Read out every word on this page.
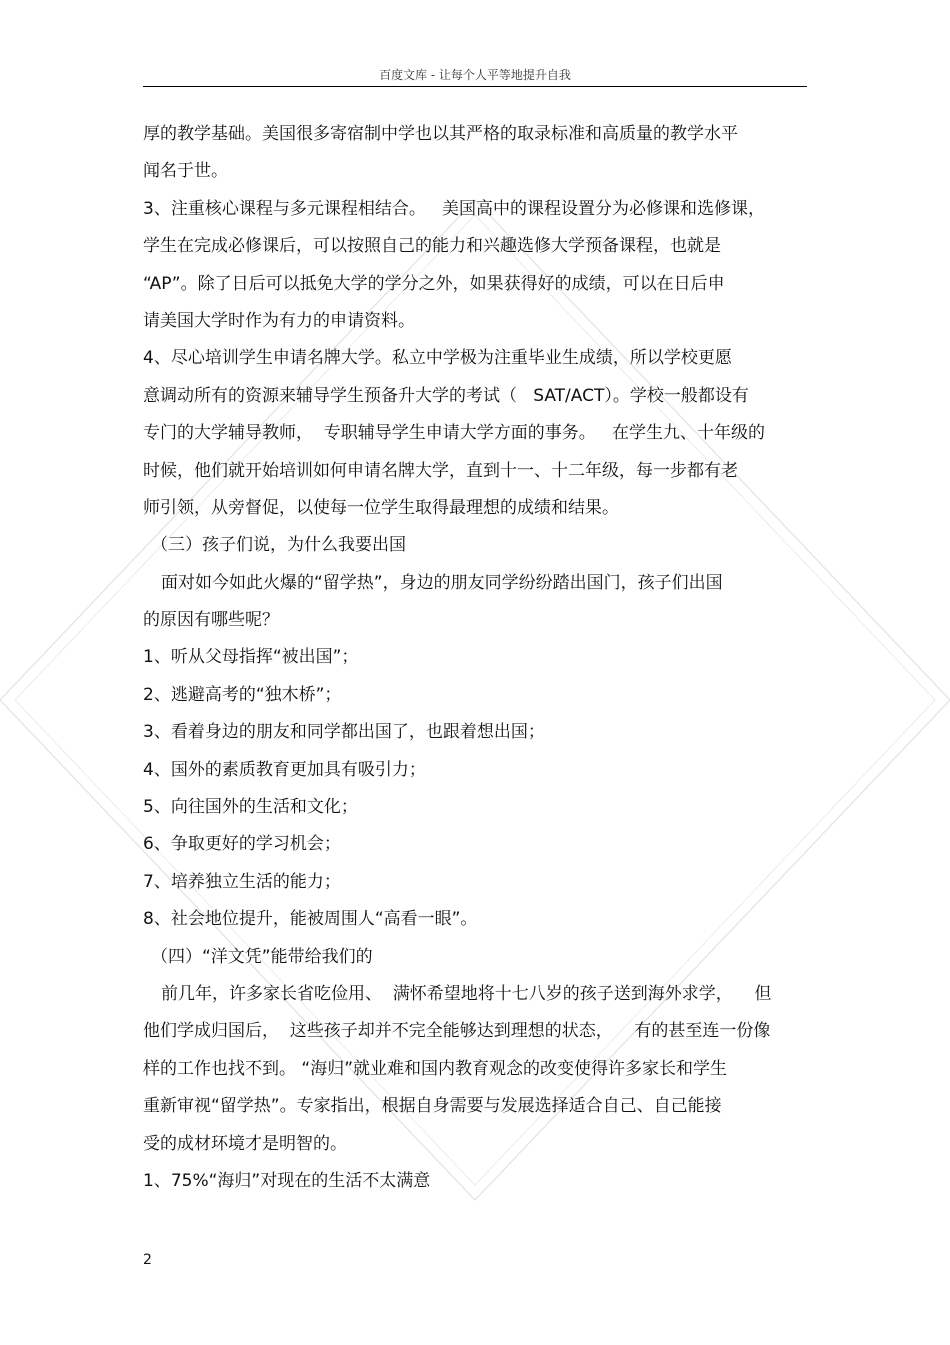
百度文库 - 让每个人平等地提升自我

厚的教学基础。美国很多寄宿制中学也以其严格的取录标准和高质量的教学水平

闻名于世。

3、注重核心课程与多元课程相结合。   美国高中的课程设置分为必修课和选修课，

学生在完成必修课后，可以按照自己的能力和兴趣选修大学预备课程，也就是

“AP”。除了日后可以抵免大学的学分之外，如果获得好的成绩，可以在日后申

请美国大学时作为有力的申请资料。

4、尽心培训学生申请名牌大学。私立中学极为注重毕业生成绩，所以学校更愿

意调动所有的资源来辅导学生预备升大学的考试（   SAT/ACT）。学校一般都设有

专门的大学辅导教师，  专职辅导学生申请大学方面的事务。   在学生九、十年级的

时候，他们就开始培训如何申请名牌大学，直到十一、十二年级，每一步都有老

师引领，从旁督促，以使每一位学生取得最理想的成绩和结果。

（三）孩子们说，为什么我要出国

面对如今如此火爆的“留学热”，身边的朋友同学纷纷踏出国门，孩子们出国

的原因有哪些呢？

1、听从父母指挥“被出国”；

2、逃避高考的“独木桥”；

3、看着身边的朋友和同学都出国了，也跟着想出国；

4、国外的素质教育更加具有吸引力；

5、向往国外的生活和文化；

6、争取更好的学习机会；

7、培养独立生活的能力；

8、社会地位提升，能被周围人“高看一眼”。

（四）“洋文凭”能带给我们的

前几年，许多家长省吃俭用、  满怀希望地将十七八岁的孩子送到海外求学，    但

他们学成归国后，  这些孩子却并不完全能够达到理想的状态，    有的甚至连一份像

样的工作也找不到。 “海归”就业难和国内教育观念的改变使得许多家长和学生

重新审视“留学热”。专家指出，根据自身需要与发展选择适合自己、自己能接

受的成材环境才是明智的。

1、75%“海归”对现在的生活不太满意

2
